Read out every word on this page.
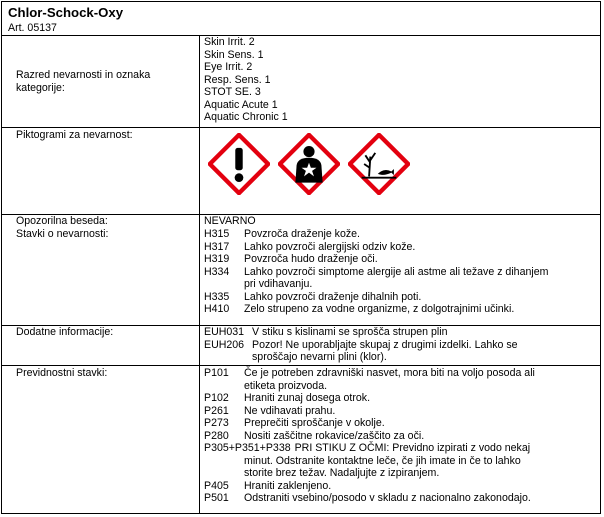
Chlor-Schock-Oxy
Art. 05137
Razred nevarnosti in oznaka kategorije:
Skin Irrit. 2
Skin Sens. 1
Eye Irrit. 2
Resp. Sens. 1
STOT SE. 3
Aquatic Acute 1
Aquatic Chronic 1
Piktogrami za nevarnost:
Opozorilna beseda:	NEVARNO
Stavki o nevarnosti:	H315	Povzroča draženje kože.
H317	Lahko povzroči alergijski odziv kože.
H319	Povzroča hudo draženje oči.
H334	Lahko povzroči simptome alergije ali astme ali težave z dihanjem
pri vdihavanju.
H335	Lahko povzroči draženje dihalnih poti.
H410	Zelo strupeno za vodne organizme, z dolgotrajnimi učinki.
Dodatne informacije:	EUH031 V stiku s kislinami se sprošča strupen plin
EUH206 Pozor! Ne uporabljajte skupaj z drugimi izdelki. Lahko se
sproščajo nevarni plini (klor).
Previdnostni stavki:	P101	Če je potreben zdravniški nasvet, mora biti na voljo posoda ali
etiketa proizvoda.
P102	Hraniti zunaj dosega otrok.
P261	Ne vdihavati prahu.
P273	Preprečiti sproščanje v okolje.
P280	Nositi zaščitne rokavice/zaščito za oči.
P305+P351+P338 PRI STIKU Z OČMI: Previdno izpirati z vodo nekaj
minut. Odstranite kontaktne leče, če jih imate in če to lahko
storite brez težav. Nadaljujte z izpiranjem.
P405	Hraniti zaklenjeno.
P501	Odstraniti vsebino/posodo v skladu z nacionalno zakonodajo.
